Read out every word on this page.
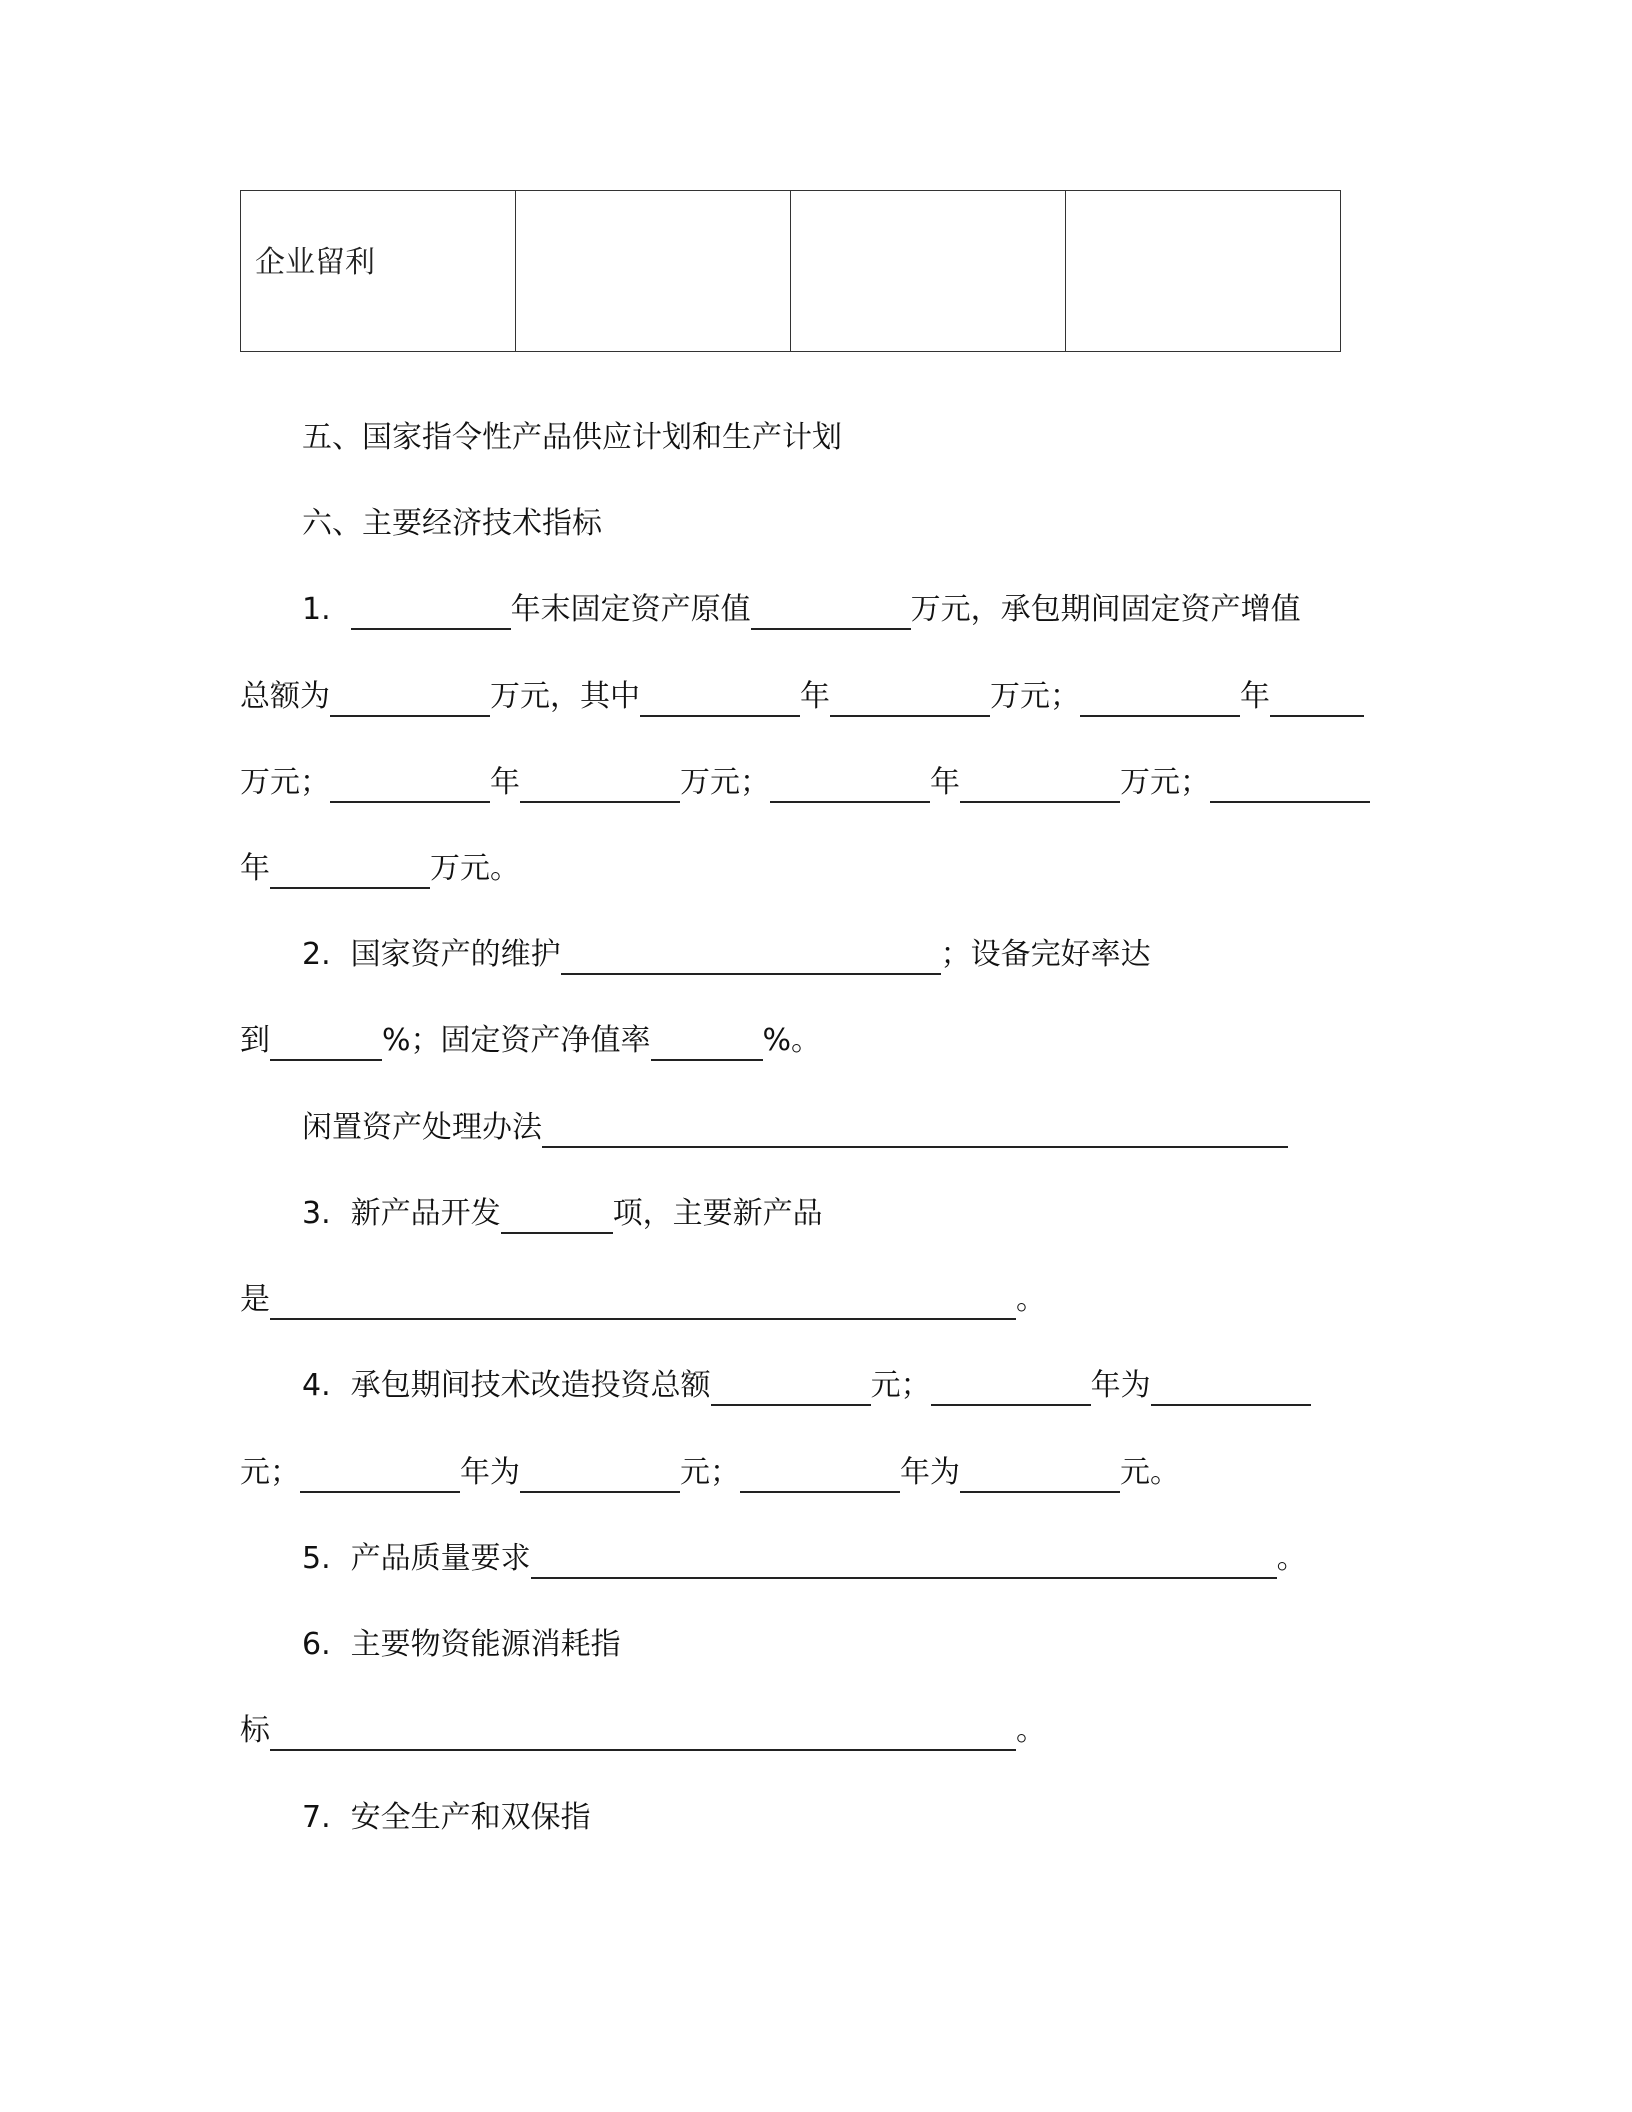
企业留利

五、国家指令性产品供应计划和生产计划
六、主要经济技术指标
1.	年末固定资产原值	万元，承包期间固定资产增值
总额为	万元，其中	年	万元；	年
万元；	年	万元；	年	万元；
年	万元。
2. 国家资产的维护	；设备完好率达
到	%；固定资产净值率	%。
闲置资产处理办法
3. 新产品开发	项，主要新产品
是	。
4. 承包期间技术改造投资总额	元；	年为
元；	年为	元；	年为	元。
5. 产品质量要求	。
6. 主要物资能源消耗指
标	。
7. 安全生产和双保指
